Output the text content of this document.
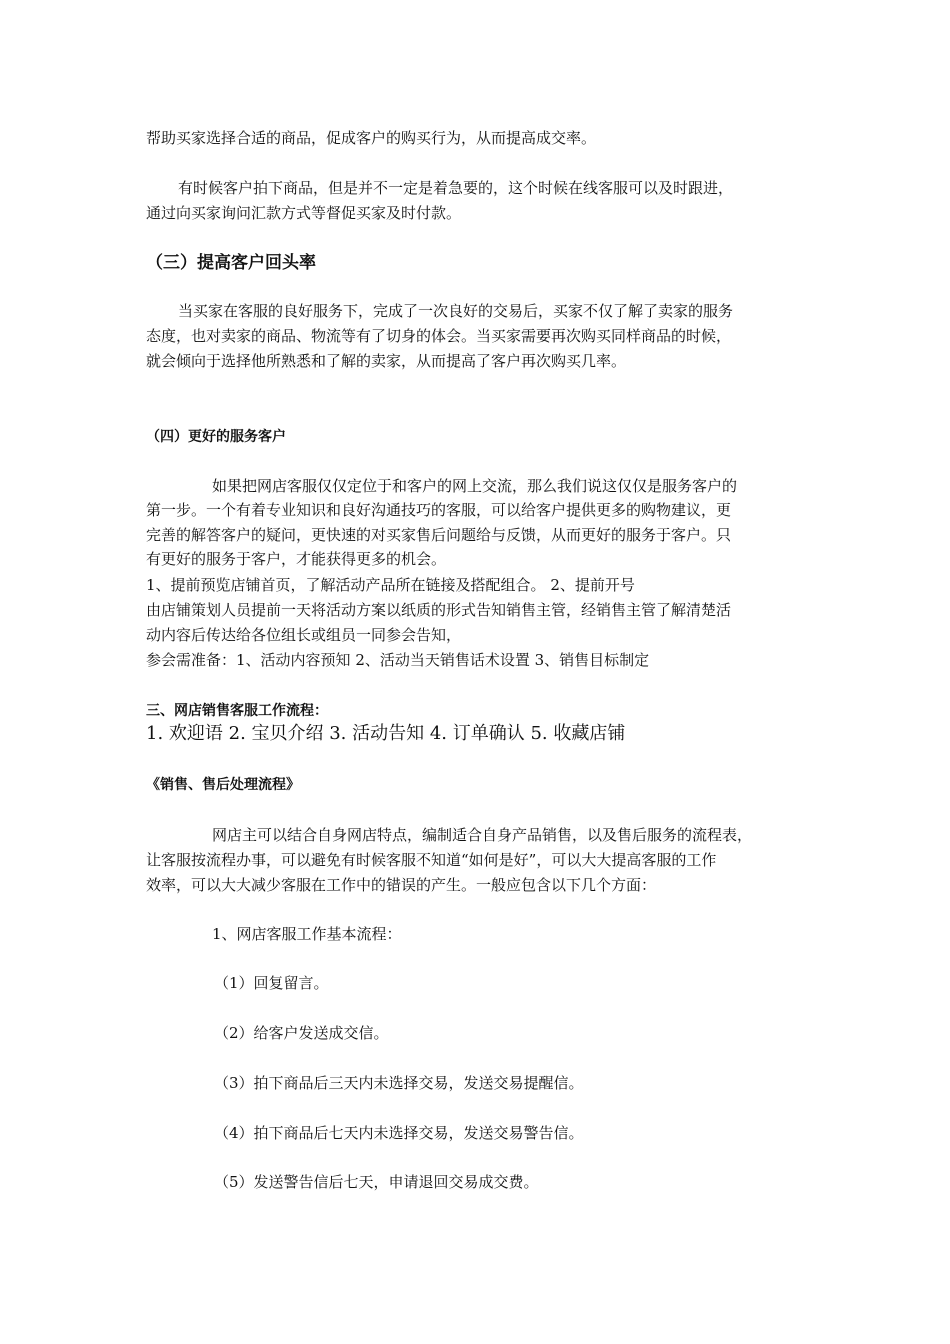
帮助买家选择合适的商品，促成客户的购买行为，从而提高成交率。
有时候客户拍下商品，但是并不一定是着急要的，这个时候在线客服可以及时跟进，
通过向买家询问汇款方式等督促买家及时付款。
（三）提高客户回头率
当买家在客服的良好服务下，完成了一次良好的交易后，买家不仅了解了卖家的服务
态度，也对卖家的商品、物流等有了切身的体会。当买家需要再次购买同样商品的时候，
就会倾向于选择他所熟悉和了解的卖家，从而提高了客户再次购买几率。
（四）更好的服务客户
如果把网店客服仅仅定位于和客户的网上交流，那么我们说这仅仅是服务客户的
第一步。一个有着专业知识和良好沟通技巧的客服，可以给客户提供更多的购物建议，更
完善的解答客户的疑问，更快速的对买家售后问题给与反馈，从而更好的服务于客户。只
有更好的服务于客户，才能获得更多的机会。
1、提前预览店铺首页，了解活动产品所在链接及搭配组合。 2、提前开号
由店铺策划人员提前一天将活动方案以纸质的形式告知销售主管，经销售主管了解清楚活
动内容后传达给各位组长或组员一同参会告知，
参会需准备：1、活动内容预知 2、活动当天销售话术设置 3、销售目标制定
三、网店销售客服工作流程：
1. 欢迎语 2. 宝贝介绍 3. 活动告知 4. 订单确认 5. 收藏店铺
《销售、售后处理流程》
网店主可以结合自身网店特点，编制适合自身产品销售，以及售后服务的流程表，
让客服按流程办事，可以避免有时候客服不知道“如何是好”，可以大大提高客服的工作
效率，可以大大减少客服在工作中的错误的产生。一般应包含以下几个方面：
1、网店客服工作基本流程：
（1）回复留言。
（2）给客户发送成交信。
（3）拍下商品后三天内未选择交易，发送交易提醒信。
（4）拍下商品后七天内未选择交易，发送交易警告信。
（5）发送警告信后七天，申请退回交易成交费。
